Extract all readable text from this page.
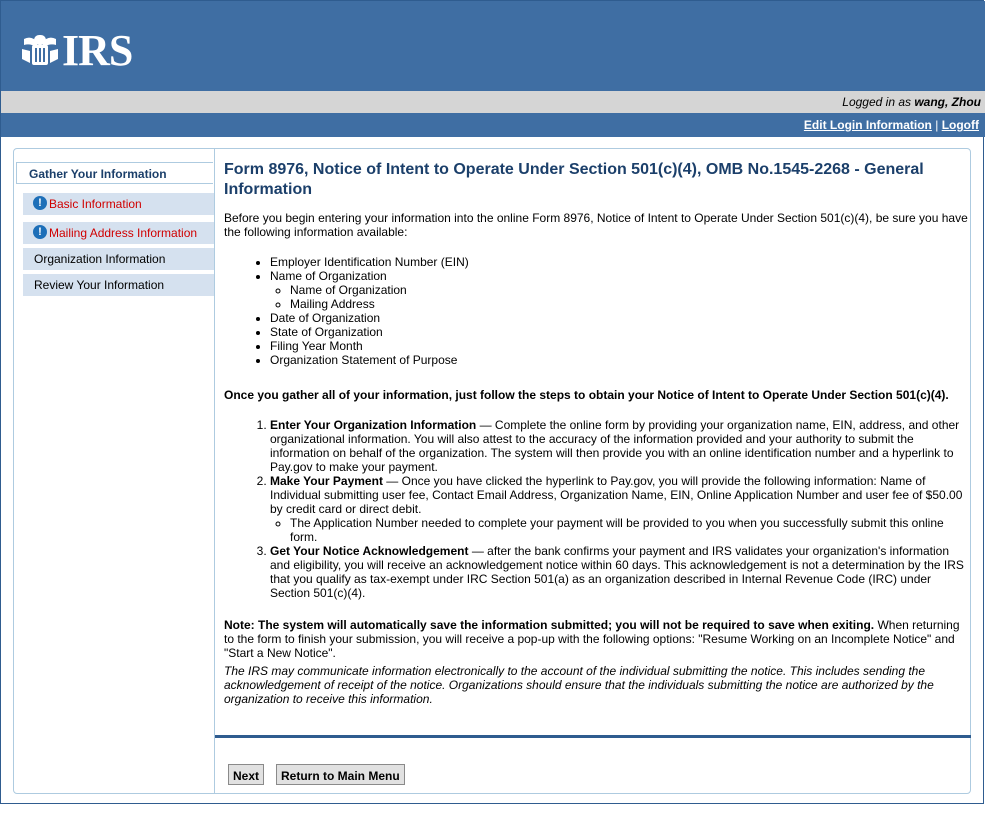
IRS
Logged in as wang, Zhou
Edit Login Information | Logoff
Gather Your Information
! Basic Information
! Mailing Address Information
Organization Information
Review Your Information
Form 8976, Notice of Intent to Operate Under Section 501(c)(4), OMB No.1545-2268 - General Information
Before you begin entering your information into the online Form 8976, Notice of Intent to Operate Under Section 501(c)(4), be sure you have the following information available:
• Employer Identification Number (EIN)
• Name of Organization
◦ Name of Organization
◦ Mailing Address
• Date of Organization
• State of Organization
• Filing Year Month
• Organization Statement of Purpose
Once you gather all of your information, just follow the steps to obtain your Notice of Intent to Operate Under Section 501(c)(4).
1. Enter Your Organization Information — Complete the online form by providing your organization name, EIN, address, and other organizational information. You will also attest to the accuracy of the information provided and your authority to submit the information on behalf of the organization. The system will then provide you with an online identification number and a hyperlink to Pay.gov to make your payment.
2. Make Your Payment — Once you have clicked the hyperlink to Pay.gov, you will provide the following information: Name of Individual submitting user fee, Contact Email Address, Organization Name, EIN, Online Application Number and user fee of $50.00 by credit card or direct debit.
◦ The Application Number needed to complete your payment will be provided to you when you successfully submit this online form.
3. Get Your Notice Acknowledgement — after the bank confirms your payment and IRS validates your organization's information and eligibility, you will receive an acknowledgement notice within 60 days. This acknowledgement is not a determination by the IRS that you qualify as tax-exempt under IRC Section 501(a) as an organization described in Internal Revenue Code (IRC) under Section 501(c)(4).
Note: The system will automatically save the information submitted; you will not be required to save when exiting. When returning to the form to finish your submission, you will receive a pop-up with the following options: "Resume Working on an Incomplete Notice" and "Start a New Notice".
The IRS may communicate information electronically to the account of the individual submitting the notice. This includes sending the acknowledgement of receipt of the notice. Organizations should ensure that the individuals submitting the notice are authorized by the organization to receive this information.
Next	Return to Main Menu
